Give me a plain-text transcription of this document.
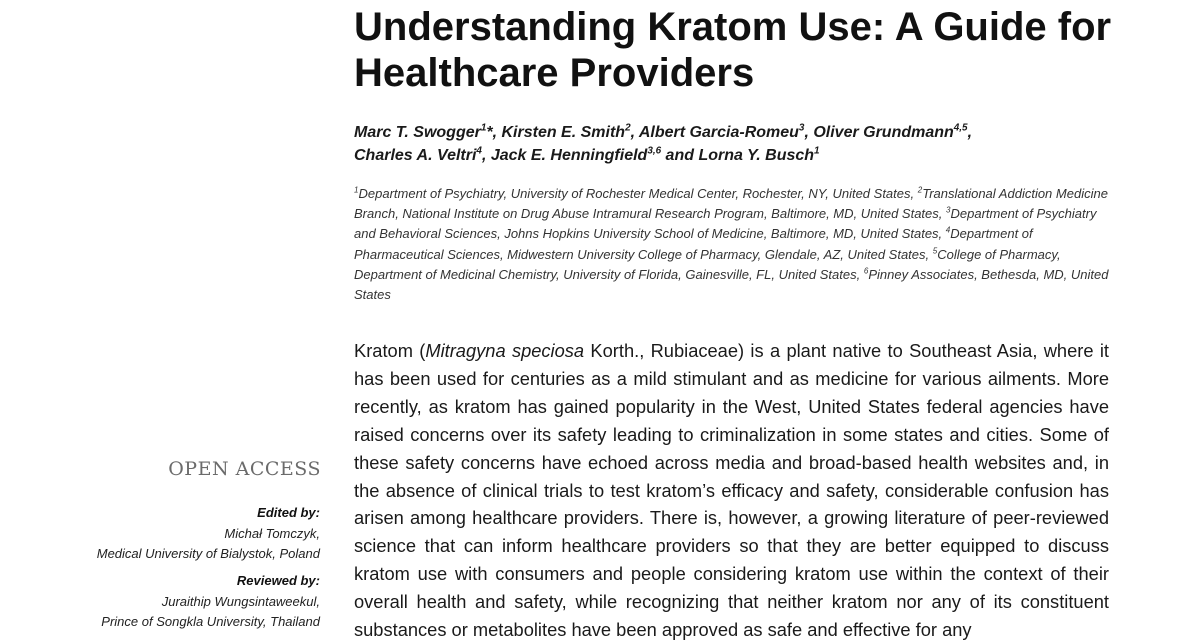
Understanding Kratom Use: A Guide for Healthcare Providers
Marc T. Swogger$^1$*, Kirsten E. Smith$^2$, Albert Garcia-Romeu$^3$, Oliver Grundmann$^{4,5}$,
Charles A. Veltri$^4$, Jack E. Henningfield$^{3,6}$ and Lorna Y. Busch$^1$
$^1$Department of Psychiatry, University of Rochester Medical Center, Rochester, NY, United States, $^2$Translational Addiction Medicine Branch, National Institute on Drug Abuse Intramural Research Program, Baltimore, MD, United States, $^3$Department of Psychiatry and Behavioral Sciences, Johns Hopkins University School of Medicine, Baltimore, MD, United States, $^4$Department of Pharmaceutical Sciences, Midwestern University College of Pharmacy, Glendale, AZ, United States, $^5$College of Pharmacy, Department of Medicinal Chemistry, University of Florida, Gainesville, FL, United States, $^6$Pinney Associates, Bethesda, MD, United States
Kratom (Mitragyna speciosa Korth., Rubiaceae) is a plant native to Southeast Asia, where it has been used for centuries as a mild stimulant and as medicine for various ailments. More recently, as kratom has gained popularity in the West, United States federal agencies have raised concerns over its safety leading to criminalization in some states and cities. Some of these safety concerns have echoed across media and broad-based health websites and, in the absence of clinical trials to test kratom’s efficacy and safety, considerable confusion has arisen among healthcare providers. There is, however, a growing literature of peer-reviewed science that can inform healthcare providers so that they are better equipped to discuss kratom use with consumers and people considering kratom use within the context of their overall health and safety, while recognizing that neither kratom nor any of its constituent substances or metabolites have been approved as safe and effective for any
OPEN ACCESS
Edited by:
Michał Tomczyk,
Medical University of Bialystok, Poland
Reviewed by:
Juraithip Wungsintaweekul,
Prince of Songkla University, Thailand
